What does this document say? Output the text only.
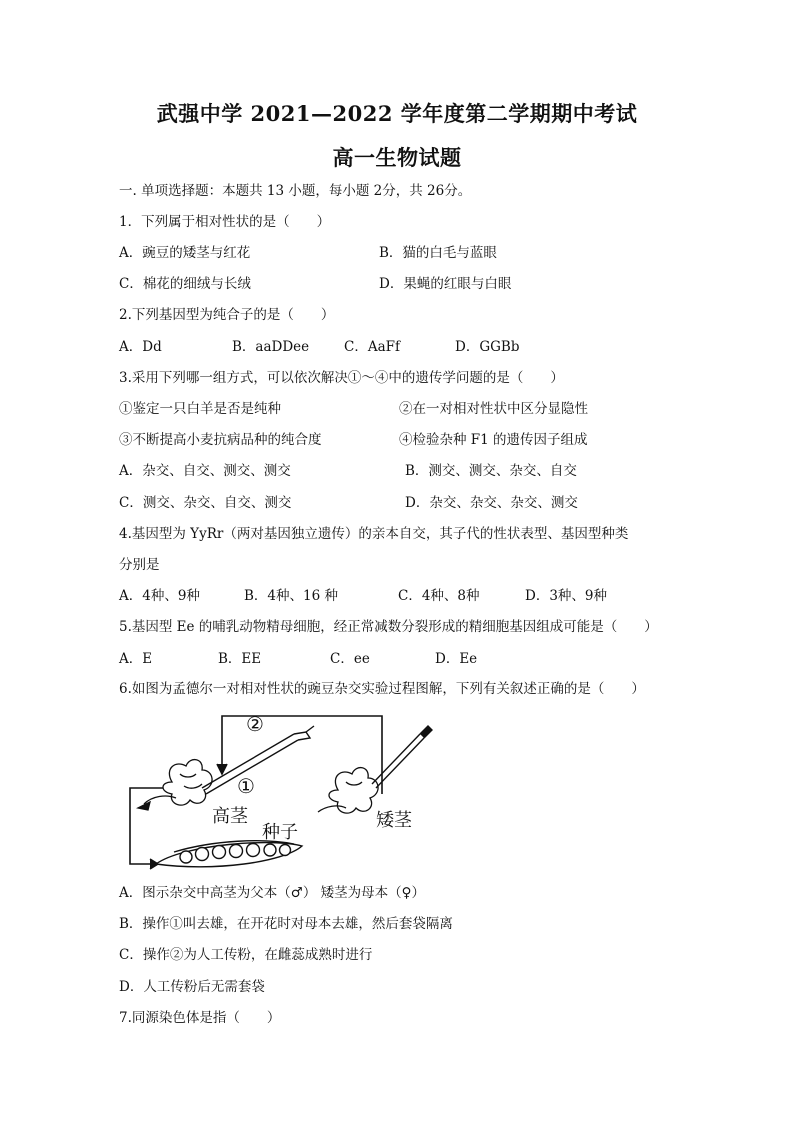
武强中学 2021—2022 学年度第二学期期中考试
高一生物试题
一. 单项选择题：本题共 13 小题，每小题 2分，共 26分。
1．下列属于相对性状的是（　　）
A．豌豆的矮茎与红花	B．猫的白毛与蓝眼
C．棉花的细绒与长绒	D．果蝇的红眼与白眼
2.下列基因型为纯合子的是（　　）
A．Dd	B．aaDDee	C．AaFf	D．GGBb
3.采用下列哪一组方式，可以依次解决①～④中的遗传学问题的是（　　）
①鉴定一只白羊是否是纯种	②在一对相对性状中区分显隐性
③不断提高小麦抗病品种的纯合度	④检验杂种 F1 的遗传因子组成
A．杂交、自交、测交、测交	B．测交、测交、杂交、自交
C．测交、杂交、自交、测交	D．杂交、杂交、杂交、测交
4.基因型为 YyRr（两对基因独立遗传）的亲本自交，其子代的性状表型、基因型种类
分别是
A．4种、9种	B．4种、16 种	C．4种、8种	D．3种、9种
5.基因型 Ee 的哺乳动物精母细胞，经正常减数分裂形成的精细胞基因组成可能是（　　）
A．E	B．EE	C．ee	D．Ee
6.如图为孟德尔一对相对性状的豌豆杂交实验过程图解，下列有关叙述正确的是（　　）
②
①
高茎
种子
矮茎
A．图示杂交中高茎为父本（♂） 矮茎为母本（♀）
B．操作①叫去雄，在开花时对母本去雄，然后套袋隔离
C．操作②为人工传粉，在雌蕊成熟时进行
D．人工传粉后无需套袋
7.同源染色体是指（　　）
